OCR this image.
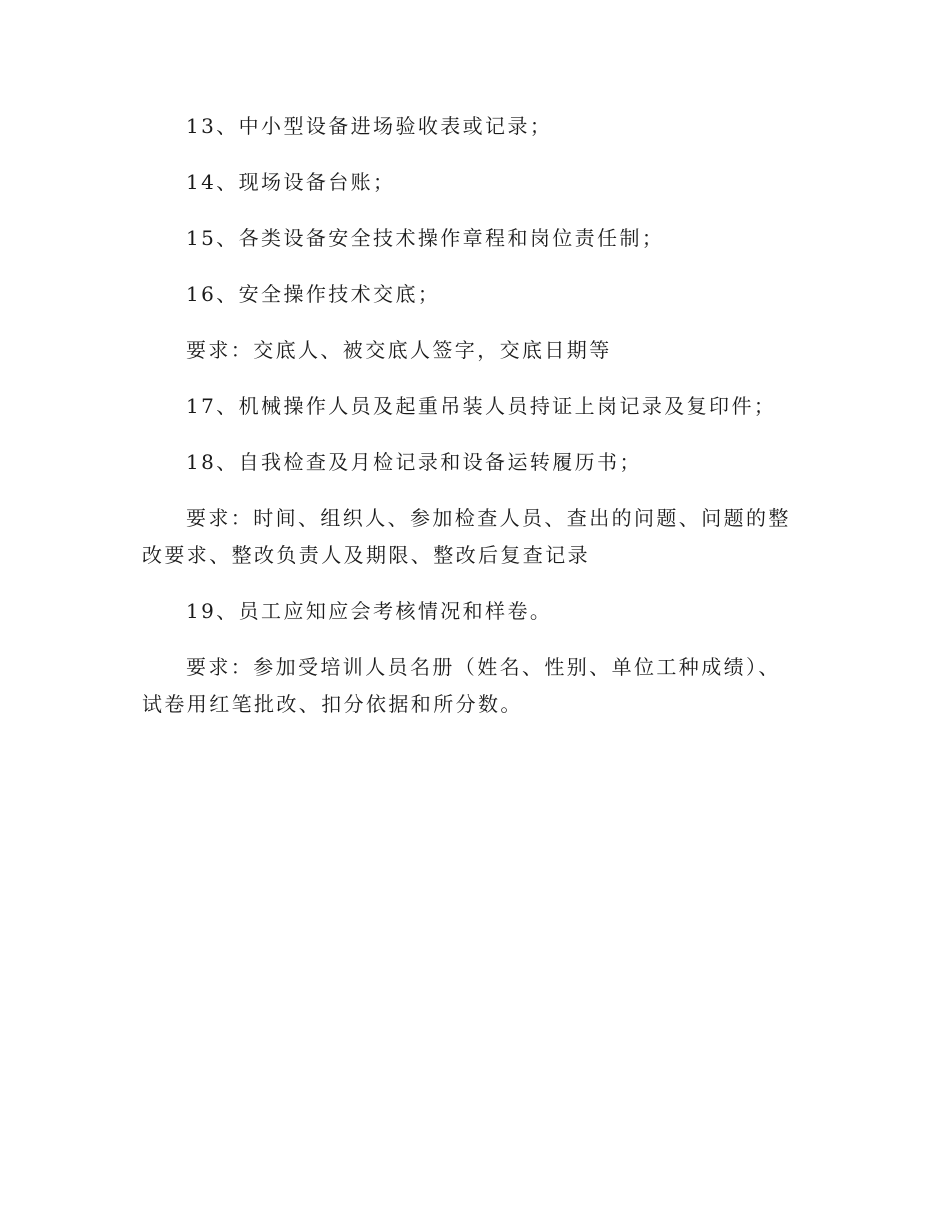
13、中小型设备进场验收表或记录；

14、现场设备台账；

15、各类设备安全技术操作章程和岗位责任制；

16、安全操作技术交底；

要求：交底人、被交底人签字，交底日期等

17、机械操作人员及起重吊装人员持证上岗记录及复印件；

18、自我检查及月检记录和设备运转履历书；

要求：时间、组织人、参加检查人员、查出的问题、问题的整改要求、整改负责人及期限、整改后复查记录

19、员工应知应会考核情况和样卷。

要求：参加受培训人员名册（姓名、性别、单位工种成绩）、试卷用红笔批改、扣分依据和所分数。
